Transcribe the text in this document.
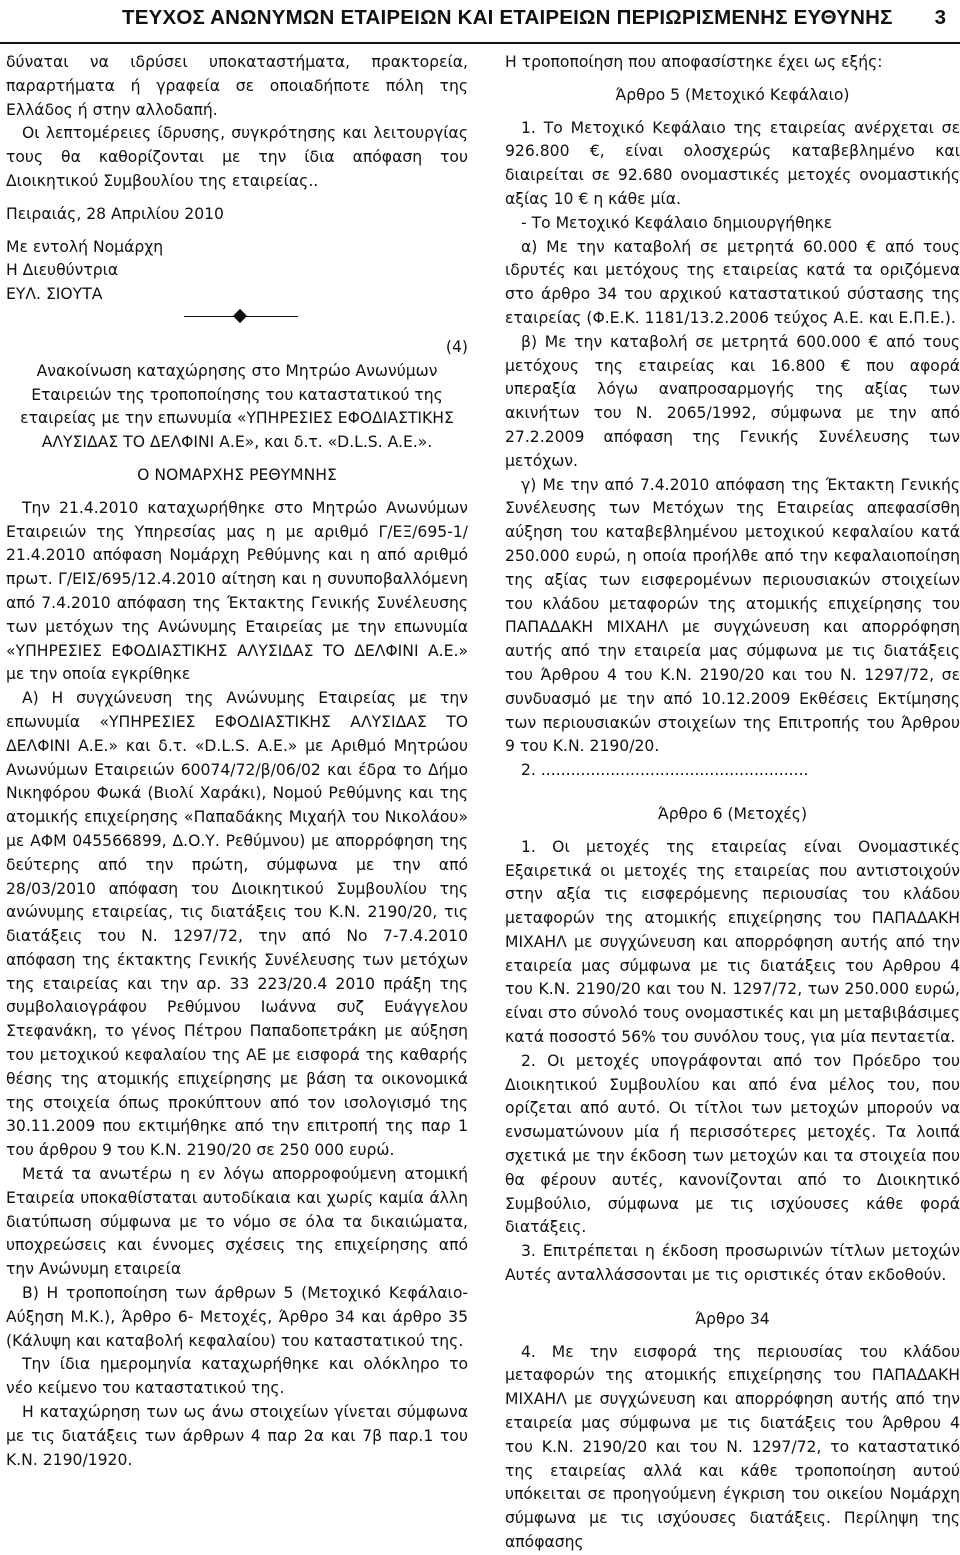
ΤΕΥΧΟΣ ΑΝΩΝΥΜΩΝ ΕΤΑΙΡΕΙΩΝ ΚΑΙ ΕΤΑΙΡΕΙΩΝ ΠΕΡΙΩΡΙΣΜΕΝΗΣ ΕΥΘΥΝΗΣ 3

δύναται να ιδρύσει υποκαταστήματα, πρακτορεία, παραρτήματα ή γραφεία σε οποιαδήποτε πόλη της Ελλάδος ή στην αλλοδαπή.

Οι λεπτομέρειες ίδρυσης, συγκρότησης και λειτουργίας τους θα καθορίζονται με την ίδια απόφαση του Διοικητικού Συμβουλίου της εταιρείας..

Πειραιάς, 28 Απριλίου 2010

Με εντολή Νομάρχη

Η Διευθύντρια

ΕΥΛ. ΣΙΟΥΤΑ

(4)

Ανακοίνωση καταχώρησης στο Μητρώο Ανωνύμων Εταιρειών της τροποποίησης του καταστατικού της εταιρείας με την επωνυμία «ΥΠΗΡΕΣΙΕΣ ΕΦΟΔΙΑΣΤΙΚΗΣ ΑΛΥΣΙΔΑΣ ΤΟ ΔΕΛΦΙΝΙ Α.Ε», και δ.τ. «D.L.S. A.E.».

Ο ΝΟΜΑΡΧΗΣ ΡΕΘΥΜΝΗΣ

Την 21.4.2010 καταχωρήθηκε στο Μητρώο Ανωνύμων Εταιρειών της Υπηρεσίας μας η με αριθμό Γ/ΕΞ/695-1/ 21.4.2010 απόφαση Νομάρχη Ρεθύμνης και η από αριθμό πρωτ. Γ/ΕΙΣ/695/12.4.2010 αίτηση και η συνυποβαλλόμενη από 7.4.2010 απόφαση της Έκτακτης Γενικής Συνέλευσης των μετόχων της Ανώνυμης Εταιρείας με την επωνυμία «ΥΠΗΡΕΣΙΕΣ ΕΦΟΔΙΑΣΤΙΚΗΣ ΑΛΥΣΙΔΑΣ ΤΟ ΔΕΛΦΙΝΙ Α.Ε.» με την οποία εγκρίθηκε

Α) Η συγχώνευση της Ανώνυμης Εταιρείας με την επωνυμία «ΥΠΗΡΕΣΙΕΣ ΕΦΟΔΙΑΣΤΙΚΗΣ ΑΛΥΣΙΔΑΣ ΤΟ ΔΕΛΦΙΝΙ Α.Ε.» και δ.τ. «D.L.S. A.E.» με Αριθμό Μητρώου Ανωνύμων Εταιρειών 60074/72/β/06/02 και έδρα το Δήμο Νικηφόρου Φωκά (Βιολί Χαράκι), Νομού Ρεθύμνης και της ατομικής επιχείρησης «Παπαδάκης Μιχαήλ του Νικολάου» με ΑΦΜ 045566899, Δ.Ο.Υ. Ρεθύμνου) με απορρόφηση της δεύτερης από την πρώτη, σύμφωνα με την από 28/03/2010 απόφαση του Διοικητικού Συμβουλίου της ανώνυμης εταιρείας, τις διατάξεις του Κ.Ν. 2190/20, τις διατάξεις του Ν. 1297/72, την από Νο 7-7.4.2010 απόφαση της έκτακτης Γενικής Συνέλευσης των μετόχων της εταιρείας και την αρ. 33 223/20.4 2010 πράξη της συμβολαιογράφου Ρεθύμνου Ιωάννα συζ Ευάγγελου Στεφανάκη, το γένος Πέτρου Παπαδοπετράκη με αύξηση του μετοχικού κεφαλαίου της ΑΕ με εισφορά της καθαρής θέσης της ατομικής επιχείρησης με βάση τα οικονομικά της στοιχεία όπως προκύπτουν από τον ισολογισμό της 30.11.2009 που εκτιμήθηκε από την επιτροπή της παρ 1 του άρθρου 9 του Κ.Ν. 2190/20 σε 250 000 ευρώ.

Μετά τα ανωτέρω η εν λόγω απορροφούμενη ατομική Εταιρεία υποκαθίσταται αυτοδίκαια και χωρίς καμία άλλη διατύπωση σύμφωνα με το νόμο σε όλα τα δικαιώματα, υποχρεώσεις και έννομες σχέσεις της επιχείρησης από την Ανώνυμη εταιρεία

Β) Η τροποποίηση των άρθρων 5 (Μετοχικό Κεφάλαιο-Αύξηση Μ.Κ.), Άρθρο 6- Μετοχές, Άρθρο 34 και άρθρο 35 (Κάλυψη και καταβολή κεφαλαίου) του καταστατικού της.

Την ίδια ημερομηνία καταχωρήθηκε και ολόκληρο το νέο κείμενο του καταστατικού της.

Η καταχώρηση των ως άνω στοιχείων γίνεται σύμφωνα με τις διατάξεις των άρθρων 4 παρ 2α και 7β παρ.1 του Κ.Ν. 2190/1920.

Η τροποποίηση που αποφασίστηκε έχει ως εξής:

Άρθρο 5 (Μετοχικό Κεφάλαιο)

1. Το Μετοχικό Κεφάλαιο της εταιρείας ανέρχεται σε 926.800 €, είναι ολοσχερώς καταβεβλημένο και διαιρείται σε 92.680 ονομαστικές μετοχές ονομαστικής αξίας 10 € η κάθε μία.

- Το Μετοχικό Κεφάλαιο δημιουργήθηκε

α) Με την καταβολή σε μετρητά 60.000 € από τους ιδρυτές και μετόχους της εταιρείας κατά τα οριζόμενα στο άρθρο 34 του αρχικού καταστατικού σύστασης της εταιρείας (Φ.Ε.Κ. 1181/13.2.2006 τεύχος Α.Ε. και Ε.Π.Ε.).

β) Με την καταβολή σε μετρητά 600.000 € από τους μετόχους της εταιρείας και 16.800 € που αφορά υπεραξία λόγω αναπροσαρμογής της αξίας των ακινήτων του Ν. 2065/1992, σύμφωνα με την από 27.2.2009 απόφαση της Γενικής Συνέλευσης των μετόχων.

γ) Με την από 7.4.2010 απόφαση της Έκτακτη Γενικής Συνέλευσης των Μετόχων της Εταιρείας απεφασίσθη αύξηση του καταβεβλημένου μετοχικού κεφαλαίου κατά 250.000 ευρώ, η οποία προήλθε από την κεφαλαιοποίηση της αξίας των εισφερομένων περιουσιακών στοιχείων του κλάδου μεταφορών της ατομικής επιχείρησης του ΠΑΠΑΔΑΚΗ ΜΙΧΑΗΛ με συγχώνευση και απορρόφηση αυτής από την εταιρεία μας σύμφωνα με τις διατάξεις του Άρθρου 4 του Κ.Ν. 2190/20 και του Ν. 1297/72, σε συνδυασμό με την από 10.12.2009 Εκθέσεις Εκτίμησης των περιουσιακών στοιχείων της Επιτροπής του Άρθρου 9 του Κ.Ν. 2190/20.

2. ......................................................

Άρθρο 6 (Μετοχές)

1. Οι μετοχές της εταιρείας είναι Ονομαστικές Εξαιρετικά οι μετοχές της εταιρείας που αντιστοιχούν στην αξία τις εισφερόμενης περιουσίας του κλάδου μεταφορών της ατομικής επιχείρησης του ΠΑΠΑΔΑΚΗ ΜΙΧΑΗΛ με συγχώνευση και απορρόφηση αυτής από την εταιρεία μας σύμφωνα με τις διατάξεις του Αρθρου 4 του Κ.Ν. 2190/20 και του Ν. 1297/72, των 250.000 ευρώ, είναι στο σύνολό τους ονομαστικές και μη μεταβιβάσιμες κατά ποσοστό 56% του συνόλου τους, για μία πενταετία.

2. Οι μετοχές υπογράφονται από τον Πρόεδρο του Διοικητικού Συμβουλίου και από ένα μέλος του, που ορίζεται από αυτό. Οι τίτλοι των μετοχών μπορούν να ενσωματώνουν μία ή περισσότερες μετοχές. Τα λοιπά σχετικά με την έκδοση των μετοχών και τα στοιχεία που θα φέρουν αυτές, κανονίζονται από το Διοικητικό Συμβούλιο, σύμφωνα με τις ισχύουσες κάθε φορά διατάξεις.

3. Επιτρέπεται η έκδοση προσωρινών τίτλων μετοχών Αυτές ανταλλάσσονται με τις οριστικές όταν εκδοθούν.

Άρθρο 34

4. Με την εισφορά της περιουσίας του κλάδου μεταφορών της ατομικής επιχείρησης του ΠΑΠΑΔΑΚΗ ΜΙΧΑΗΛ με συγχώνευση και απορρόφηση αυτής από την εταιρεία μας σύμφωνα με τις διατάξεις του Άρθρου 4 του Κ.Ν. 2190/20 και του Ν. 1297/72, το καταστατικό της εταιρείας αλλά και κάθε τροποποίηση αυτού υπόκειται σε προηγούμενη έγκριση του οικείου Νομάρχη σύμφωνα με τις ισχύουσες διατάξεις. Περίληψη της απόφασης
